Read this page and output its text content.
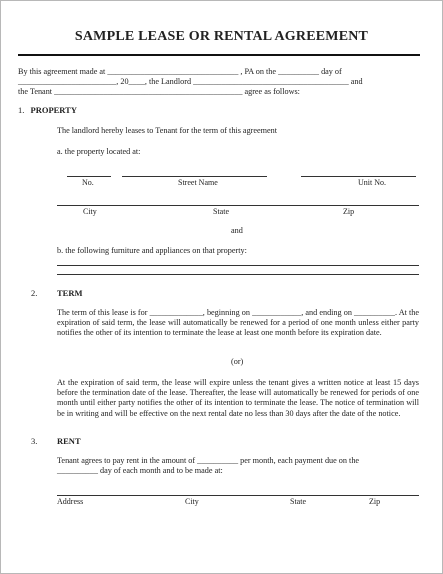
SAMPLE LEASE OR RENTAL AGREEMENT
By this agreement made at ________________________________ , PA on the __________ day of
________________________, 20____, the Landlord ______________________________________ and
the Tenant ______________________________________________ agree as follows:
1. PROPERTY
The landlord hereby leases to Tenant for the term of this agreement
a. the property located at:
No.	Street Name	Unit No.
City	State	Zip
and
b. the following furniture and appliances on that property:
2. TERM
The term of this lease is for _____________, beginning on ____________, and ending on __________. At the expiration of said term, the lease will automatically be renewed for a period of one month unless either party notifies the other of its intention to terminate the lease at least one month before its expiration date.
(or)
At the expiration of said term, the lease will expire unless the tenant gives a written notice at least 15 days before the termination date of the lease. Thereafter, the lease will automatically be renewed for periods of one month until either party notifies the other of its intention to terminate the lease. The notice of termination will be in writing and will be effective on the next rental date no less than 30 days after the date of the notice.
3. RENT
Tenant agrees to pay rent in the amount of __________ per month, each payment due on the
__________ day of each month and to be made at:
Address	City	State	Zip
